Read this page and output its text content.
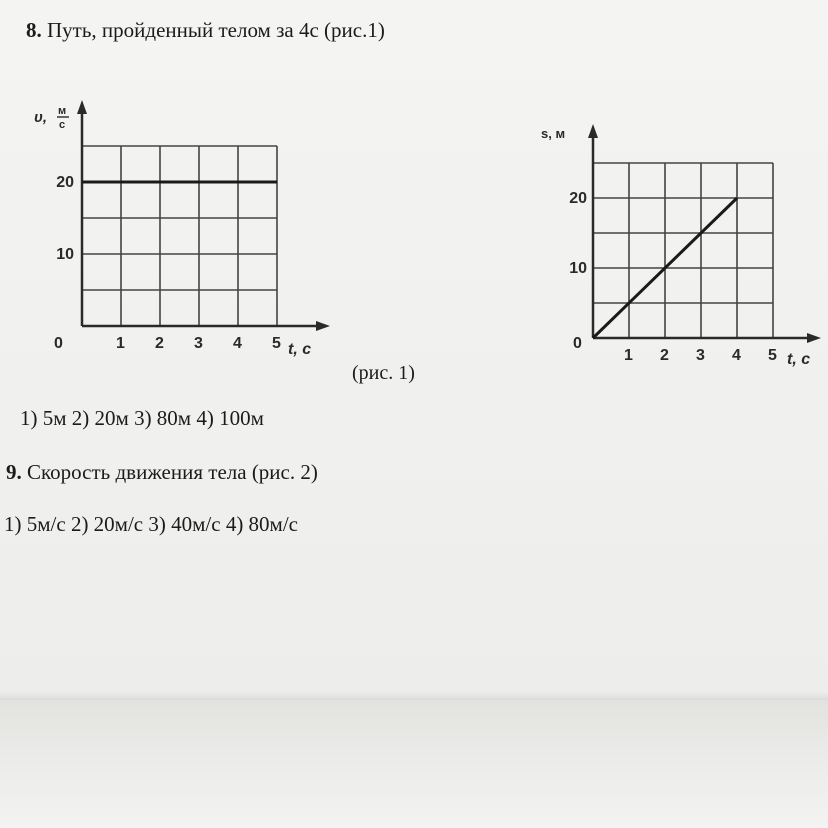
8. Путь, пройденный телом за 4с (рис.1)
1 2 3 4 5
0
10
20
υ, м
с
t, с
(рис. 1)
1 2 3 4 5
0
10
20
s, м
t, с
1) 5м 2) 20м 3) 80м 4) 100м
9. Скорость движения тела (рис. 2)
1) 5м/с 2) 20м/с 3) 40м/с 4) 80м/с
